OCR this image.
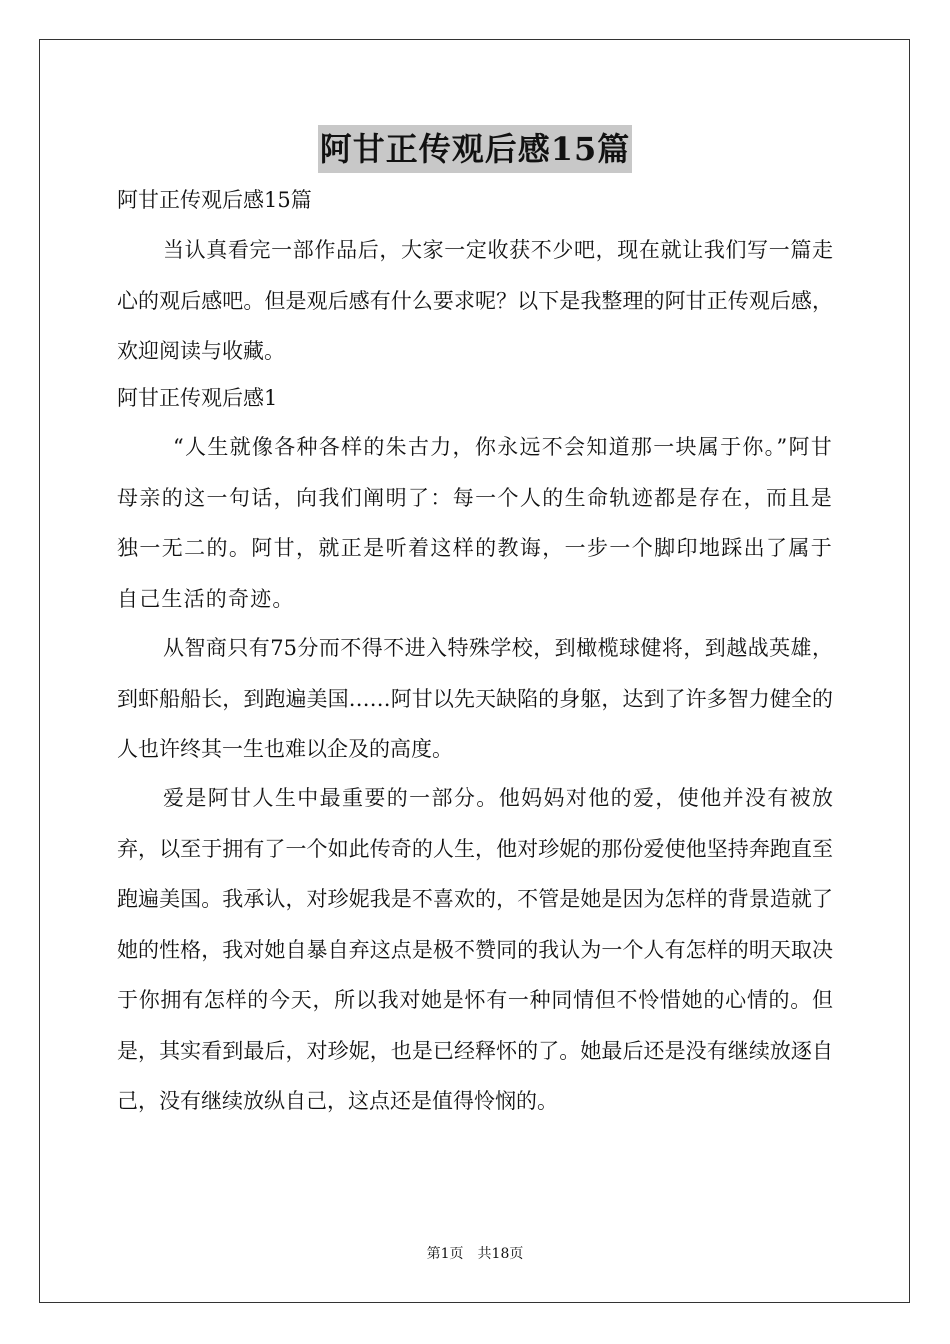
阿甘正传观后感15篇
阿甘正传观后感15篇
当认真看完一部作品后，大家一定收获不少吧，现在就让我们写一篇走心的观后感吧。但是观后感有什么要求呢？以下是我整理的阿甘正传观后感，欢迎阅读与收藏。
阿甘正传观后感1
“人生就像各种各样的朱古力，你永远不会知道那一块属于你。”阿甘母亲的这一句话，向我们阐明了：每一个人的生命轨迹都是存在，而且是独一无二的。阿甘，就正是听着这样的教诲，一步一个脚印地踩出了属于自己生活的奇迹。
从智商只有75分而不得不进入特殊学校，到橄榄球健将，到越战英雄，到虾船船长，到跑遍美国……阿甘以先天缺陷的身躯，达到了许多智力健全的人也许终其一生也难以企及的高度。
爱是阿甘人生中最重要的一部分。他妈妈对他的爱，使他并没有被放弃，以至于拥有了一个如此传奇的人生，他对珍妮的那份爱使他坚持奔跑直至跑遍美国。我承认，对珍妮我是不喜欢的，不管是她是因为怎样的背景造就了她的性格，我对她自暴自弃这点是极不赞同的我认为一个人有怎样的明天取决于你拥有怎样的今天，所以我对她是怀有一种同情但不怜惜她的心情的。但是，其实看到最后，对珍妮，也是已经释怀的了。她最后还是没有继续放逐自己，没有继续放纵自己，这点还是值得怜悯的。
第1页 共18页
